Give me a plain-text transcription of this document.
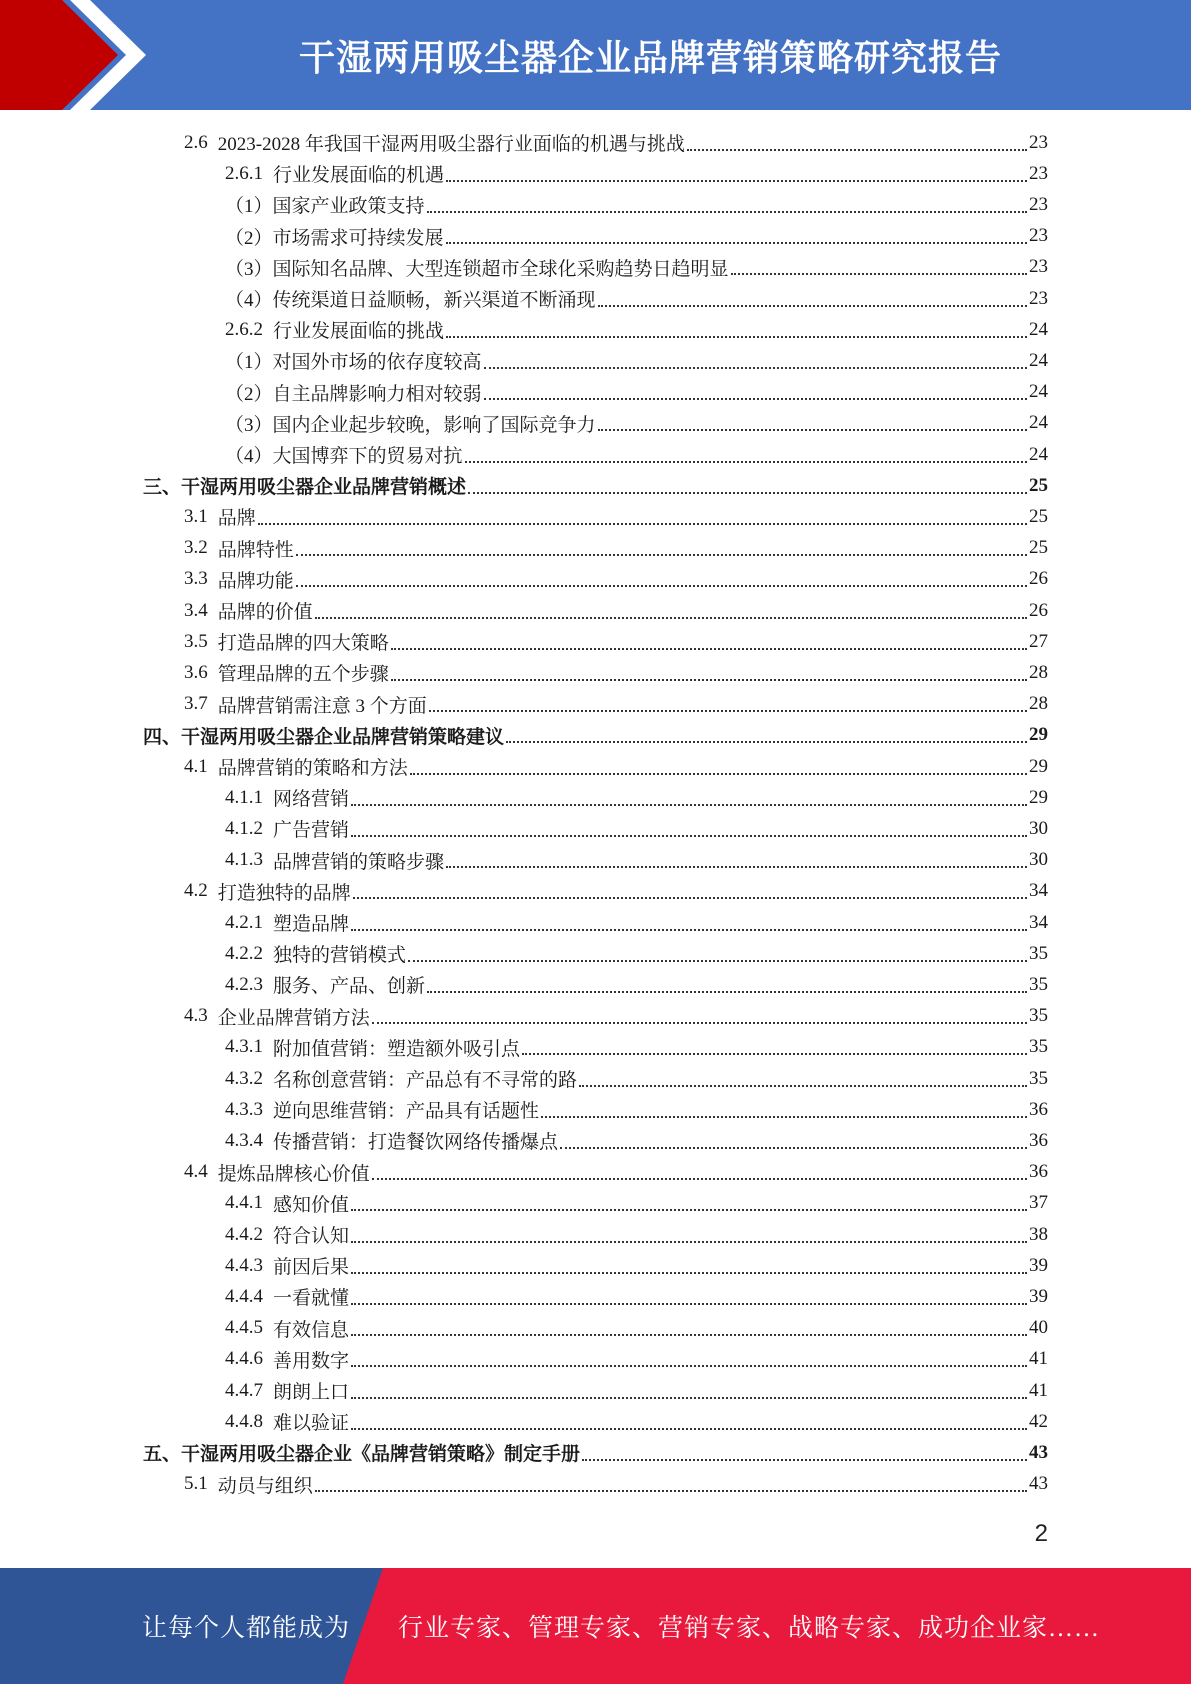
干湿两用吸尘器企业品牌营销策略研究报告
2.6 2023-2028 年我国干湿两用吸尘器行业面临的机遇与挑战	23
2.6.1 行业发展面临的机遇	23
（1）国家产业政策支持	23
（2）市场需求可持续发展	23
（3）国际知名品牌、大型连锁超市全球化采购趋势日趋明显	23
（4）传统渠道日益顺畅，新兴渠道不断涌现	23
2.6.2 行业发展面临的挑战	24
（1）对国外市场的依存度较高	24
（2）自主品牌影响力相对较弱	24
（3）国内企业起步较晚，影响了国际竞争力	24
（4）大国博弈下的贸易对抗	24
三、 干湿两用吸尘器企业品牌营销概述	25
3.1 品牌	25
3.2 品牌特性	25
3.3 品牌功能	26
3.4 品牌的价值	26
3.5 打造品牌的四大策略	27
3.6 管理品牌的五个步骤	28
3.7 品牌营销需注意 3 个方面	28
四、 干湿两用吸尘器企业品牌营销策略建议	29
4.1 品牌营销的策略和方法	29
4.1.1 网络营销	29
4.1.2 广告营销	30
4.1.3 品牌营销的策略步骤	30
4.2 打造独特的品牌	34
4.2.1 塑造品牌	34
4.2.2 独特的营销模式	35
4.2.3 服务、产品、创新	35
4.3 企业品牌营销方法	35
4.3.1 附加值营销：塑造额外吸引点	35
4.3.2 名称创意营销：产品总有不寻常的路	35
4.3.3 逆向思维营销：产品具有话题性	36
4.3.4 传播营销：打造餐饮网络传播爆点	36
4.4 提炼品牌核心价值	36
4.4.1 感知价值	37
4.4.2 符合认知	38
4.4.3 前因后果	39
4.4.4 一看就懂	39
4.4.5 有效信息	40
4.4.6 善用数字	41
4.4.7 朗朗上口	41
4.4.8 难以验证	42
五、 干湿两用吸尘器企业《品牌营销策略》制定手册	43
5.1 动员与组织	43
2
让每个人都能成为 行业专家、管理专家、营销专家、战略专家、成功企业家……
